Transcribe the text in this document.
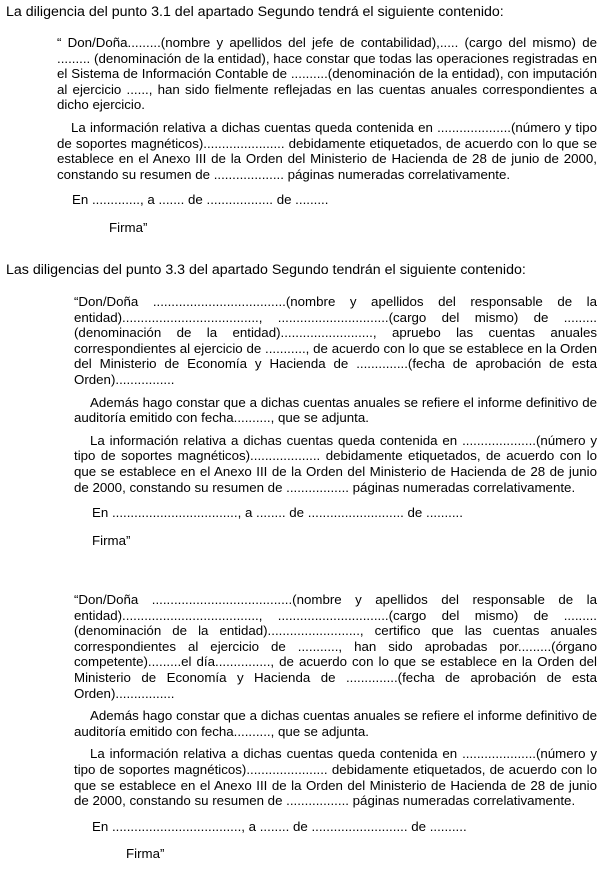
La diligencia del punto 3.1 del apartado Segundo tendrá el siguiente contenido:

“ Don/Doña.........(nombre y apellidos del jefe de contabilidad),..... (cargo del mismo) de ......... (denominación de la entidad), hace constar que todas las operaciones registradas en el Sistema de Información Contable de ..........(denominación de la entidad), con imputación al ejercicio ......, han sido fielmente reflejadas en las cuentas anuales correspondientes a dicho ejercicio.

La información relativa a dichas cuentas queda contenida en ....................(número y tipo de soportes magnéticos)...................... debidamente etiquetados, de acuerdo con lo que se establece en el Anexo III de la Orden del Ministerio de Hacienda de 28 de junio de 2000, constando su resumen de ................... páginas numeradas correlativamente.

En ............., a ....... de .................. de .........

Firma”

Las diligencias del punto 3.3 del apartado Segundo tendrán el siguiente contenido:

“Don/Doña ....................................(nombre y apellidos del responsable de la entidad)....................................., ..............................(cargo del mismo) de ......... (denominación de la entidad)........................., apruebo las cuentas anuales correspondientes al ejercicio de ..........., de acuerdo con lo que se establece en la Orden del Ministerio de Economía y Hacienda de ..............(fecha de aprobación de esta Orden)................

Además hago constar que a dichas cuentas anuales se refiere el informe definitivo de auditoría emitido con fecha.........., que se adjunta.

La información relativa a dichas cuentas queda contenida en ....................(número y tipo de soportes magnéticos)................... debidamente etiquetados, de acuerdo con lo que se establece en el Anexo III de la Orden del Ministerio de Hacienda de 28 de junio de 2000, constando su resumen de ................. páginas numeradas correlativamente.

En .................................., a ........ de .......................... de ..........

Firma”

“Don/Doña ......................................(nombre y apellidos del responsable de la entidad)....................................., ..............................(cargo del mismo) de ......... (denominación de la entidad)........................., certifico que las cuentas anuales correspondientes al ejercicio de ..........., han sido aprobadas por.........(órgano competente).........el día..............., de acuerdo con lo que se establece en la Orden del Ministerio de Economía y Hacienda de ..............(fecha de aprobación de esta Orden)................

Además hago constar que a dichas cuentas anuales se refiere el informe definitivo de auditoría emitido con fecha.........., que se adjunta.

La información relativa a dichas cuentas queda contenida en ....................(número y tipo de soportes magnéticos)...................... debidamente etiquetados, de acuerdo con lo que se establece en el Anexo III de la Orden del Ministerio de Hacienda de 28 de junio de 2000, constando su resumen de ................. páginas numeradas correlativamente.

En ..................................., a ........ de .......................... de ..........

Firma”
